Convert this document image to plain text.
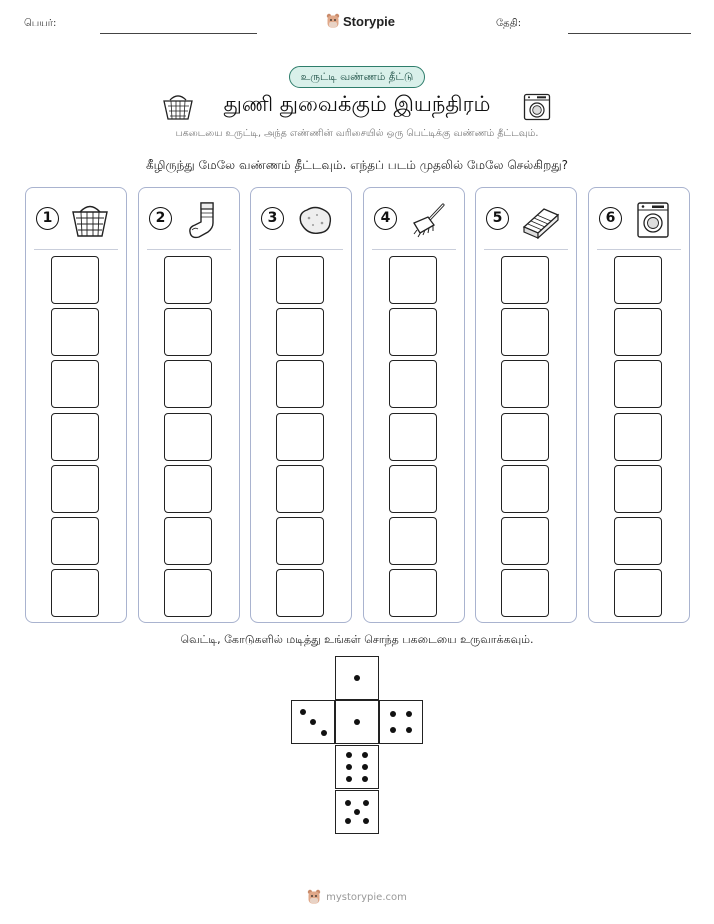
பெயர்:	Storypie	தேதி:
உருட்டி வண்ணம் தீட்டு
துணி துவைக்கும் இயந்திரம்
பகடையை உருட்டி, அந்த எண்ணின் வரிசையில் ஒரு பெட்டிக்கு வண்ணம் தீட்டவும்.
கீழிருந்து மேலே வண்ணம் தீட்டவும். எந்தப் படம் முதலில் மேலே செல்கிறது?
1	2	3	4	5	6
வெட்டி, கோடுகளில் மடித்து உங்கள் சொந்த பகடையை உருவாக்கவும்.
mystorypie.com
